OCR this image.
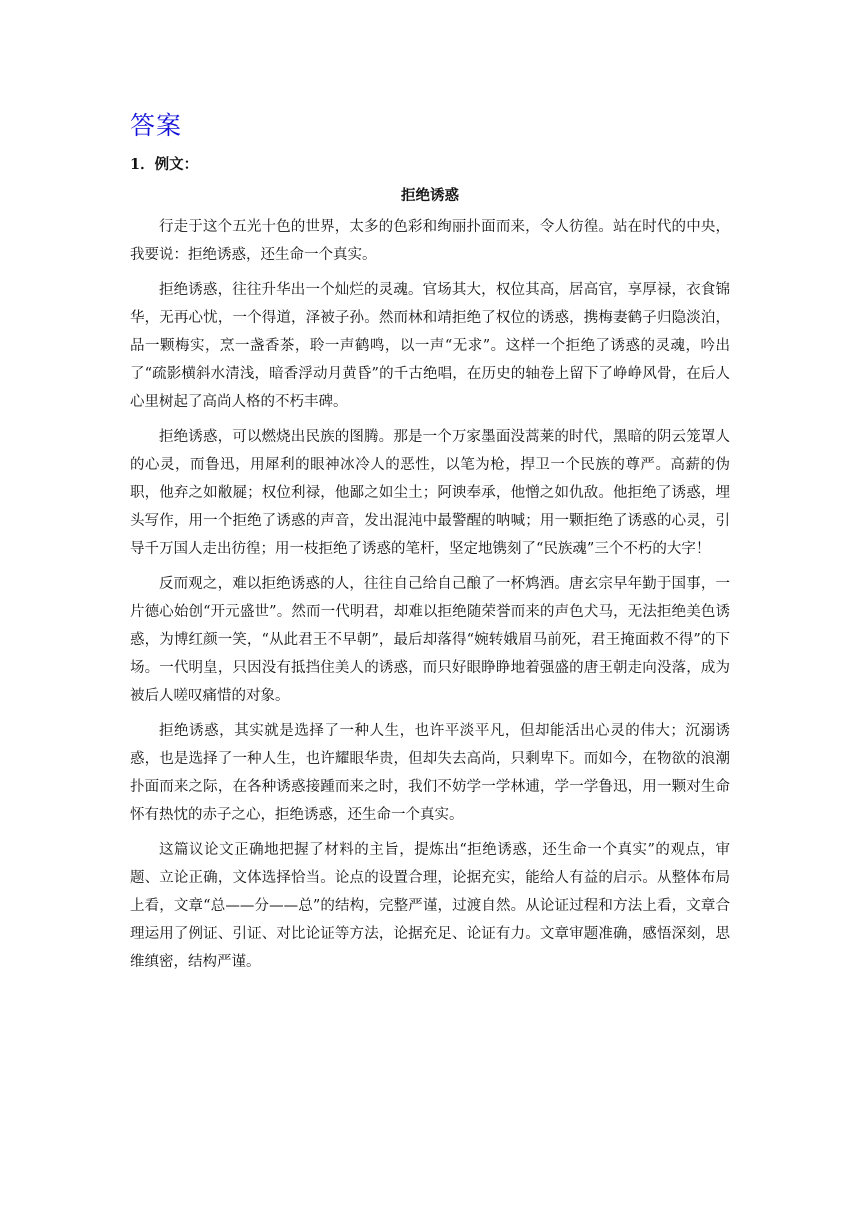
答案
1．例文：
拒绝诱惑

行走于这个五光十色的世界，太多的色彩和绚丽扑面而来，令人彷徨。站在时代的中央，我要说：拒绝诱惑，还生命一个真实。

拒绝诱惑，往往升华出一个灿烂的灵魂。官场其大，权位其高，居高官，享厚禄，衣食锦华，无再心忧，一个得道，泽被子孙。然而林和靖拒绝了权位的诱惑，携梅妻鹤子归隐淡泊，品一颗梅实，烹一盏香茶，聆一声鹤鸣，以一声“无求”。这样一个拒绝了诱惑的灵魂，吟出了“疏影横斜水清浅，暗香浮动月黄昏”的千古绝唱，在历史的轴卷上留下了峥峥风骨，在后人心里树起了高尚人格的不朽丰碑。

拒绝诱惑，可以燃烧出民族的图腾。那是一个万家墨面没蒿莱的时代，黑暗的阴云笼罩人的心灵，而鲁迅，用犀利的眼神冰冷人的恶性，以笔为枪，捍卫一个民族的尊严。高薪的伪职，他弃之如敝屣；权位利禄，他鄙之如尘土；阿谀奉承，他憎之如仇敌。他拒绝了诱惑，埋头写作，用一个拒绝了诱惑的声音，发出混沌中最警醒的呐喊；用一颗拒绝了诱惑的心灵，引导千万国人走出彷徨；用一枝拒绝了诱惑的笔杆，坚定地镌刻了“民族魂”三个不朽的大字！

反而观之，难以拒绝诱惑的人，往往自己给自己酿了一杯鸩酒。唐玄宗早年勤于国事，一片德心始创“开元盛世”。然而一代明君，却难以拒绝随荣誉而来的声色犬马，无法拒绝美色诱惑，为博红颜一笑，“从此君王不早朝”，最后却落得“婉转娥眉马前死，君王掩面救不得”的下场。一代明皇，只因没有抵挡住美人的诱惑，而只好眼睁睁地着强盛的唐王朝走向没落，成为被后人嗟叹痛惜的对象。

拒绝诱惑，其实就是选择了一种人生，也许平淡平凡，但却能活出心灵的伟大；沉溺诱惑，也是选择了一种人生，也许耀眼华贵，但却失去高尚，只剩卑下。而如今，在物欲的浪潮扑面而来之际，在各种诱惑接踵而来之时，我们不妨学一学林逋，学一学鲁迅，用一颗对生命怀有热忱的赤子之心，拒绝诱惑，还生命一个真实。

这篇议论文正确地把握了材料的主旨，提炼出“拒绝诱惑，还生命一个真实”的观点，审题、立论正确，文体选择恰当。论点的设置合理，论据充实，能给人有益的启示。从整体布局上看，文章“总——分——总”的结构，完整严谨，过渡自然。从论证过程和方法上看，文章合理运用了例证、引证、对比论证等方法，论据充足、论证有力。文章审题准确，感悟深刻，思维缜密，结构严谨。
